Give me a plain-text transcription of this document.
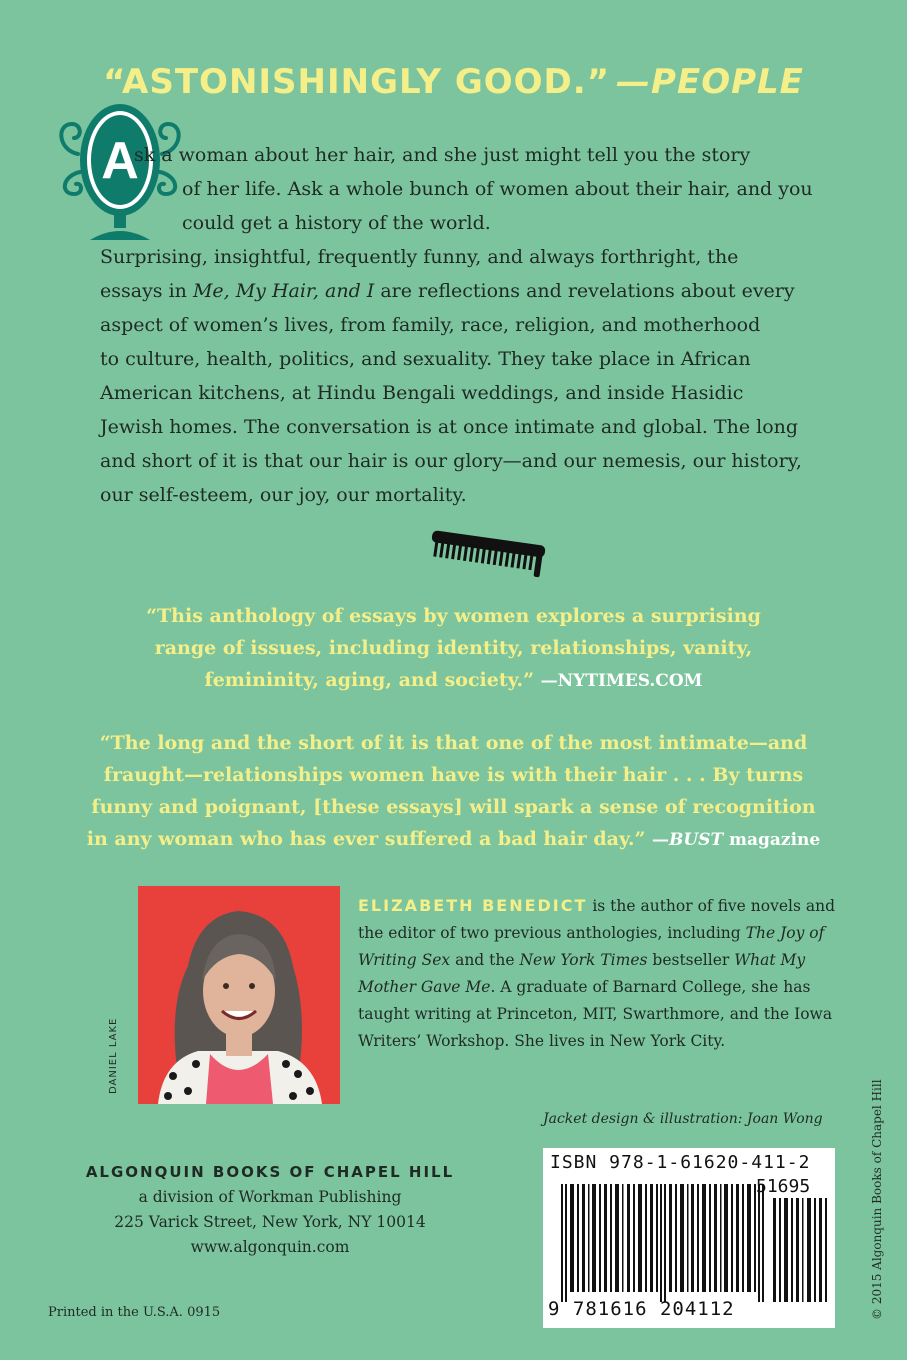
“ASTONISHINGLY GOOD.” —PEOPLE
A
sk a woman about her hair, and she just might tell you the story
of her life. Ask a whole bunch of women about their hair, and you
could get a history of the world.
Surprising, insightful, frequently funny, and always forthright, the
essays in Me, My Hair, and I are reflections and revelations about every
aspect of women’s lives, from family, race, religion, and motherhood
to culture, health, politics, and sexuality. They take place in African
American kitchens, at Hindu Bengali weddings, and inside Hasidic
Jewish homes. The conversation is at once intimate and global. The long
and short of it is that our hair is our glory—and our nemesis, our history,
our self-esteem, our joy, our mortality.
“This anthology of essays by women explores a surprising
range of issues, including identity, relationships, vanity,
femininity, aging, and society.” —NYTIMES.COM
“The long and the short of it is that one of the most intimate—and
fraught—relationships women have is with their hair . . . By turns
funny and poignant, [these essays] will spark a sense of recognition
in any woman who has ever suffered a bad hair day.” —BUST magazine
DANIEL LAKE
ELIZABETH BENEDICT is the author of five novels and the editor of two previous anthologies, including The Joy of Writing Sex and the New York Times bestseller What My Mother Gave Me. A graduate of Barnard College, she has taught writing at Princeton, MIT, Swarthmore, and the Iowa Writers’ Workshop. She lives in New York City.
Jacket design & illustration: Joan Wong
ALGONQUIN BOOKS OF CHAPEL HILL
a division of Workman Publishing
225 Varick Street, New York, NY 10014
www.algonquin.com
Printed in the U.S.A. 0915
ISBN 978-1-61620-411-2
51695
9 781616 204112	© 2015 Algonquin Books of Chapel Hill
